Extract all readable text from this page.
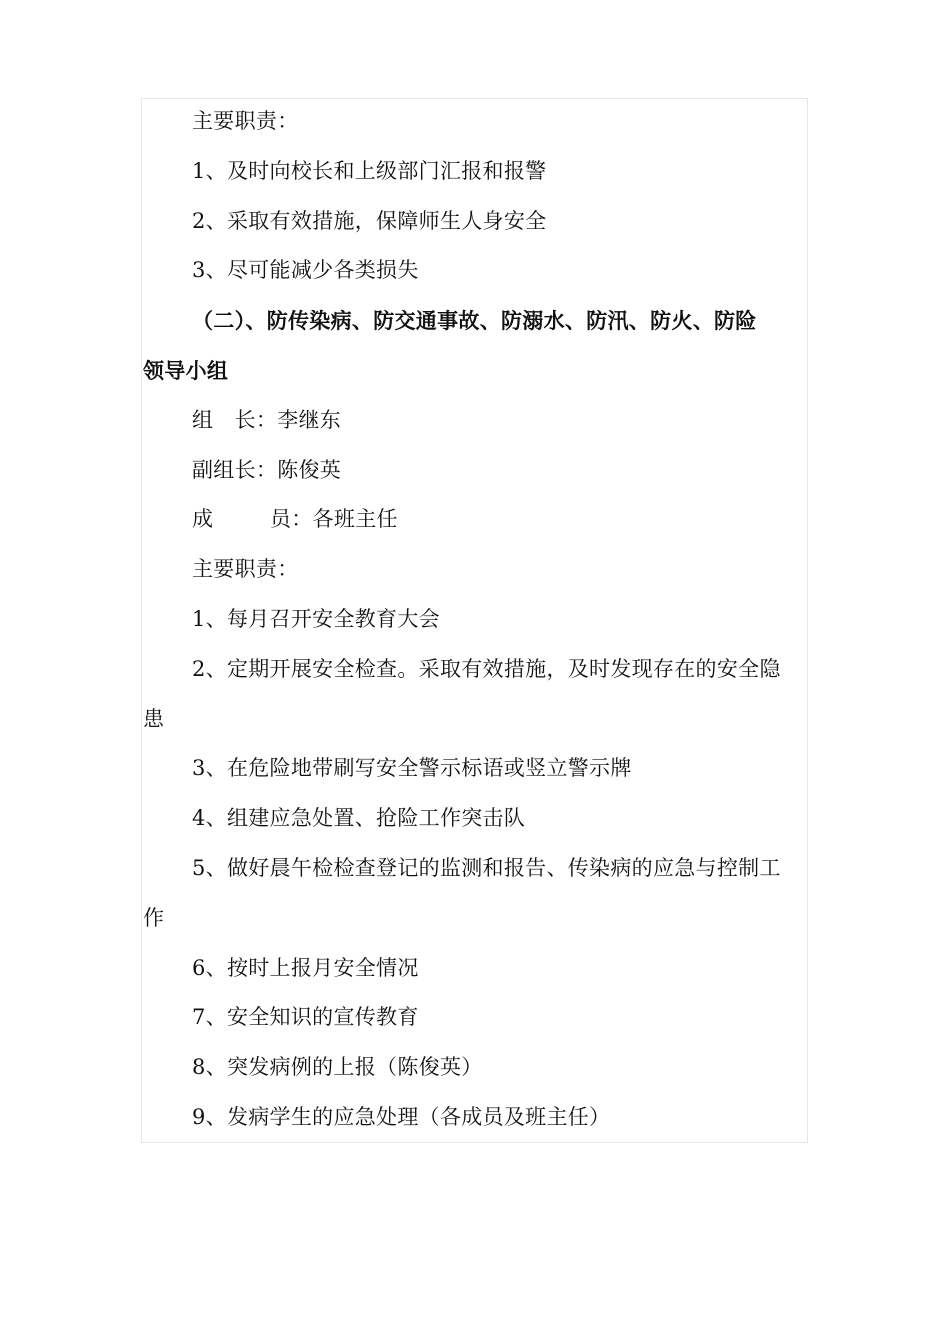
主要职责：

1、及时向校长和上级部门汇报和报警

2、采取有效措施，保障师生人身安全

3、尽可能减少各类损失

（二）、防传染病、防交通事故、防溺水、防汛、防火、防险

领导小组

组　长：李继东

副组长：陈俊英

成	员：各班主任

主要职责：

1、每月召开安全教育大会

2、定期开展安全检查。采取有效措施，及时发现存在的安全隐

患

3、在危险地带刷写安全警示标语或竖立警示牌

4、组建应急处置、抢险工作突击队

5、做好晨午检检查登记的监测和报告、传染病的应急与控制工

作

6、按时上报月安全情况

7、安全知识的宣传教育

8、突发病例的上报（陈俊英）

9、发病学生的应急处理（各成员及班主任）
